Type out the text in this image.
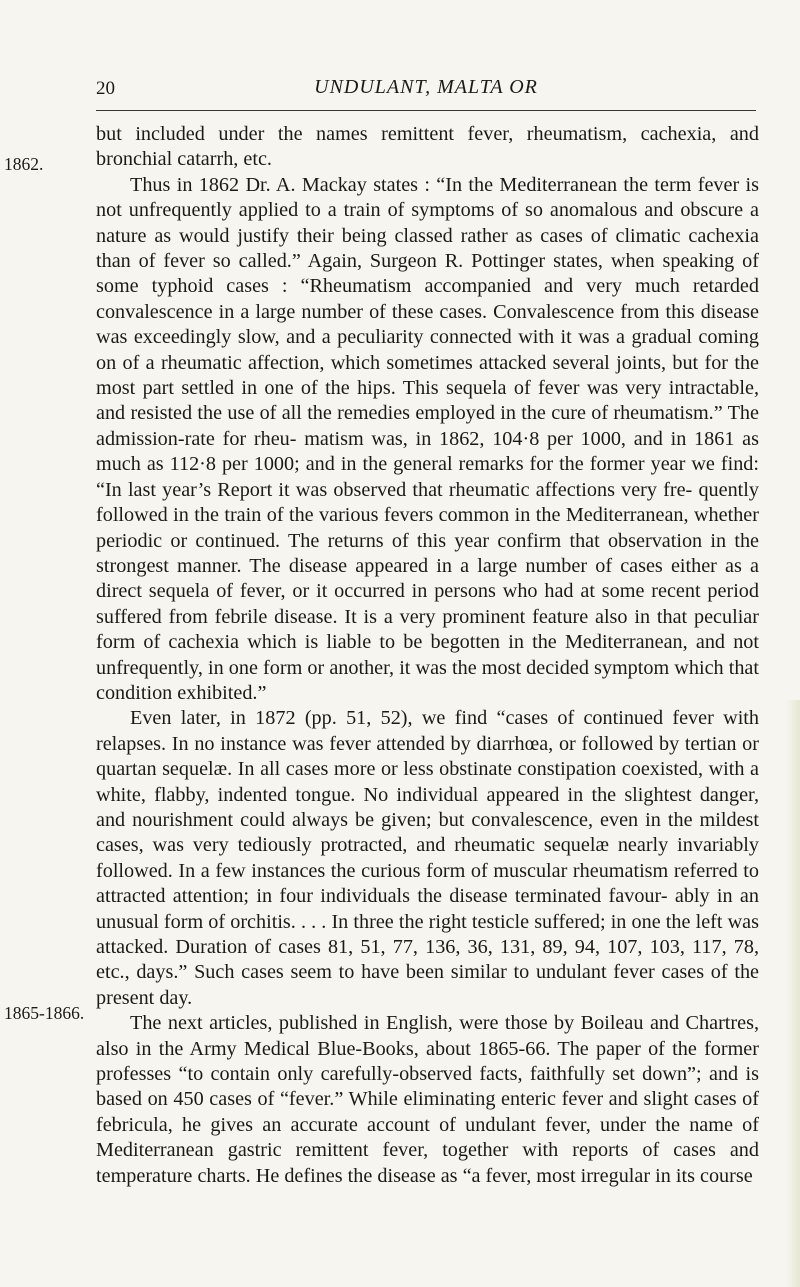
20	UNDULANT, MALTA OR
1862.
1865-1866.

but included under the names remittent fever, rheumatism, cachexia, and bronchial catarrh, etc.

Thus in 1862 Dr. A. Mackay states : “In the Mediterranean the term fever is not unfrequently applied to a train of symptoms of so anomalous and obscure a nature as would justify their being classed rather as cases of climatic cachexia than of fever so called.” Again, Surgeon R. Pottinger states, when speaking of some typhoid cases : “Rheumatism accompanied and very much retarded convalescence in a large number of these cases. Convalescence from this disease was exceedingly slow, and a peculiarity connected with it was a gradual coming on of a rheumatic affection, which sometimes attacked several joints, but for the most part settled in one of the hips. This sequela of fever was very intractable, and resisted the use of all the remedies employed in the cure of rheumatism.” The admission-rate for rheu- matism was, in 1862, 104·8 per 1000, and in 1861 as much as 112·8 per 1000; and in the general remarks for the former year we find: “In last year’s Report it was observed that rheumatic affections very fre- quently followed in the train of the various fevers common in the Mediterranean, whether periodic or continued. The returns of this year confirm that observation in the strongest manner. The disease appeared in a large number of cases either as a direct sequela of fever, or it occurred in persons who had at some recent period suffered from febrile disease. It is a very prominent feature also in that peculiar form of cachexia which is liable to be begotten in the Mediterranean, and not unfrequently, in one form or another, it was the most decided symptom which that condition exhibited.”

Even later, in 1872 (pp. 51, 52), we find “cases of continued fever with relapses. In no instance was fever attended by diarrhœa, or followed by tertian or quartan sequelæ. In all cases more or less obstinate constipation coexisted, with a white, flabby, indented tongue. No individual appeared in the slightest danger, and nourishment could always be given; but convalescence, even in the mildest cases, was very tediously protracted, and rheumatic sequelæ nearly invariably followed. In a few instances the curious form of muscular rheumatism referred to attracted attention; in four individuals the disease terminated favour- ably in an unusual form of orchitis. . . . In three the right testicle suffered; in one the left was attacked. Duration of cases 81, 51, 77, 136, 36, 131, 89, 94, 107, 103, 117, 78, etc., days.” Such cases seem to have been similar to undulant fever cases of the present day.

The next articles, published in English, were those by Boileau and Chartres, also in the Army Medical Blue-Books, about 1865-66. The paper of the former professes “to contain only carefully-observed facts, faithfully set down”; and is based on 450 cases of “fever.” While eliminating enteric fever and slight cases of febricula, he gives an accurate account of undulant fever, under the name of Mediterranean gastric remittent fever, together with reports of cases and temperature charts. He defines the disease as “a fever, most irregular in its course
